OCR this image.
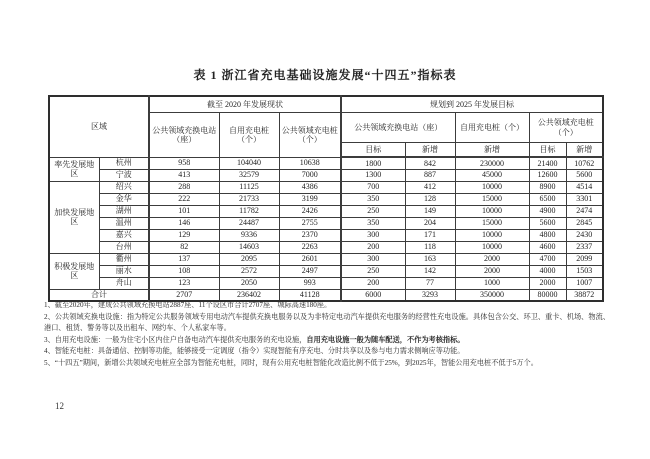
表 1 浙江省充电基础设施发展“十四五”指标表
区域		截至 2020 年发展现状			规划到 2025 年发展目标				
		公共领域充换电站（座）	自用充电桩（个）	公共领域充电桩（个）	公共领域充换电站（座）		自用充电桩（个）	公共领域充电桩（个）	
					目标	新增	新增	目标	新增
率先发展地区	杭州	958	104040	10638	1800	842	230000	21400	10762
	宁波	413	32579	7000	1300	887	45000	12600	5600
加快发展地区	绍兴	288	11125	4386	700	412	10000	8900	4514
	金华	222	21733	3199	350	128	15000	6500	3301
	湖州	101	11782	2426	250	149	10000	4900	2474
	温州	146	24487	2755	350	204	15000	5600	2845
	嘉兴	129	9336	2370	300	171	10000	4800	2430
	台州	82	14603	2263	200	118	10000	4600	2337
积极发展地区	衢州	137	2095	2601	300	163	2000	4700	2099
	丽水	108	2572	2497	250	142	2000	4000	1503
	舟山	123	2050	993	200	77	1000	2000	1007
合计		2707	236402	41128	6000	3293	350000	80000	38872

1、截至2020年，建成公共领域充换电站2887座、11个设区市合计2707座、城际高速180座。

2、公共领域充换电设施：指为特定公共服务领域专用电动汽车提供充换电服务以及为非特定电动汽车提供充电服务的经营性充电设施。具体包含公交、环卫、重卡、机场、物流、港口、租赁、警务等以及出租车、网约车、个人私家车等。

3、自用充电设施：一般为住宅小区内住户自备电动汽车提供充电服务的充电设施，自用充电设施一般为随车配送，不作为考核指标。

4、智能充电桩：具备通信、控制等功能，能够接受一定调度（指令）实现智能有序充电、分时共享以及参与电力需求侧响应等功能。

5、“十四五”期间，新增公共领域充电桩应全部为智能充电桩，同时，现有公用充电桩智能化改造比例不低于25%，到2025年，智能公用充电桩不低于5万个。

12
